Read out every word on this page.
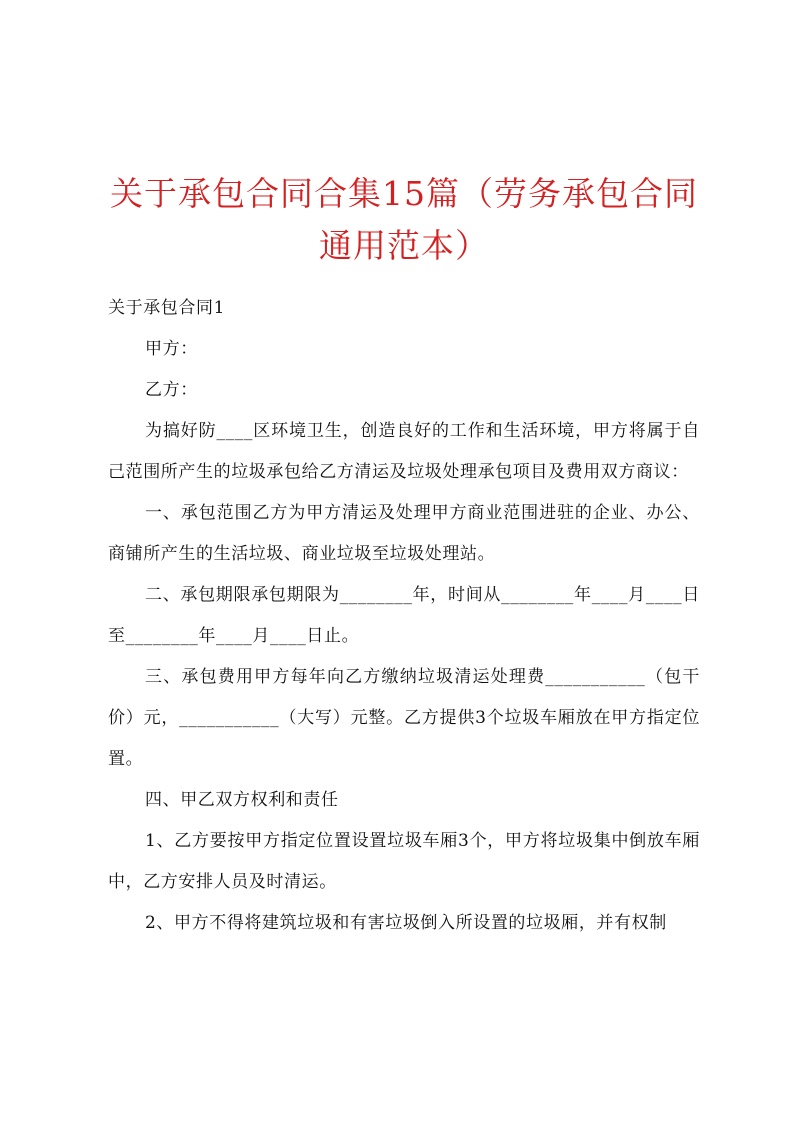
关于承包合同合集15篇（劳务承包合同通用范本）

关于承包合同1

甲方：

乙方：

为搞好防____区环境卫生，创造良好的工作和生活环境，甲方将属于自己范围所产生的垃圾承包给乙方清运及垃圾处理承包项目及费用双方商议：

一、承包范围乙方为甲方清运及处理甲方商业范围进驻的企业、办公、商铺所产生的生活垃圾、商业垃圾至垃圾处理站。

二、承包期限承包期限为________年，时间从________年____月____日至________年____月____日止。

三、承包费用甲方每年向乙方缴纳垃圾清运处理费___________（包干价）元，___________（大写）元整。乙方提供3个垃圾车厢放在甲方指定位置。

四、甲乙双方权利和责任

1、乙方要按甲方指定位置设置垃圾车厢3个，甲方将垃圾集中倒放车厢中，乙方安排人员及时清运。

2、甲方不得将建筑垃圾和有害垃圾倒入所设置的垃圾厢，并有权制
